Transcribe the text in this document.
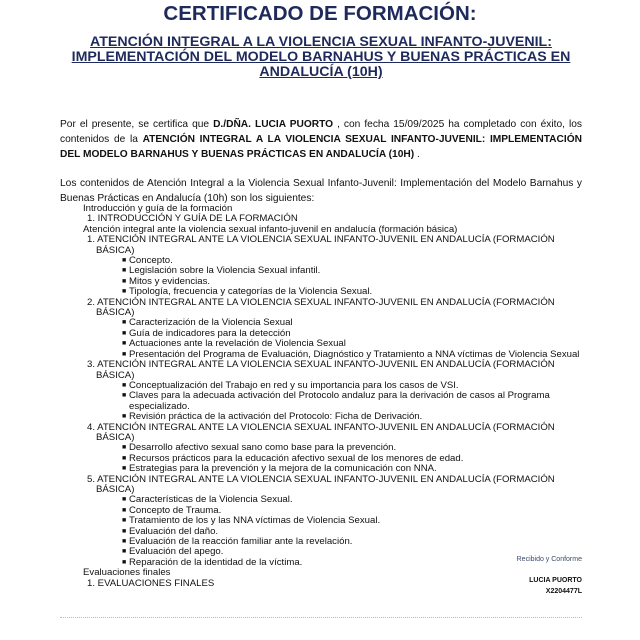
CERTIFICADO DE FORMACIÓN:
ATENCIÓN INTEGRAL A LA VIOLENCIA SEXUAL INFANTO-JUVENIL: IMPLEMENTACIÓN DEL MODELO BARNAHUS Y BUENAS PRÁCTICAS EN ANDALUCÍA (10H)
Por el presente, se certifica que D./DÑA. LUCIA PUORTO , con fecha 15/09/2025 ha completado con éxito, los contenidos de la ATENCIÓN INTEGRAL A LA VIOLENCIA SEXUAL INFANTO-JUVENIL: IMPLEMENTACIÓN DEL MODELO BARNAHUS Y BUENAS PRÁCTICAS EN ANDALUCÍA (10H) .
Los contenidos de Atención Integral a la Violencia Sexual Infanto-Juvenil: Implementación del Modelo Barnahus y Buenas Prácticas en Andalucía (10h) son los siguientes:
Introducción y guía de la formación
1. INTRODUCCIÓN Y GUÍA DE LA FORMACIÓN
Atención integral ante la violencia sexual infanto-juvenil en andalucía (formación básica)
1. ATENCIÓN INTEGRAL ANTE LA VIOLENCIA SEXUAL INFANTO-JUVENIL EN ANDALUCÍA (FORMACIÓN BÁSICA)
■ Concepto.
■ Legislación sobre la Violencia Sexual infantil.
■ Mitos y evidencias.
■ Tipología, frecuencia y categorías de la Violencia Sexual.
2. ATENCIÓN INTEGRAL ANTE LA VIOLENCIA SEXUAL INFANTO-JUVENIL EN ANDALUCÍA (FORMACIÓN BÁSICA)
■ Caracterización de la Violencia Sexual
■ Guía de indicadores para la detección
■ Actuaciones ante la revelación de Violencia Sexual
■ Presentación del Programa de Evaluación, Diagnóstico y Tratamiento a NNA víctimas de Violencia Sexual
3. ATENCIÓN INTEGRAL ANTE LA VIOLENCIA SEXUAL INFANTO-JUVENIL EN ANDALUCÍA (FORMACIÓN BÁSICA)
■ Conceptualización del Trabajo en red y su importancia para los casos de VSI.
■ Claves para la adecuada activación del Protocolo andaluz para la derivación de casos al Programa especializado.
■ Revisión práctica de la activación del Protocolo: Ficha de Derivación.
4. ATENCIÓN INTEGRAL ANTE LA VIOLENCIA SEXUAL INFANTO-JUVENIL EN ANDALUCÍA (FORMACIÓN BÁSICA)
■ Desarrollo afectivo sexual sano como base para la prevención.
■ Recursos prácticos para la educación afectivo sexual de los menores de edad.
■ Estrategias para la prevención y la mejora de la comunicación con NNA.
5. ATENCIÓN INTEGRAL ANTE LA VIOLENCIA SEXUAL INFANTO-JUVENIL EN ANDALUCÍA (FORMACIÓN BÁSICA)
■ Características de la Violencia Sexual.
■ Concepto de Trauma.
■ Tratamiento de los y las NNA víctimas de Violencia Sexual.
■ Evaluación del daño.
■ Evaluación de la reacción familiar ante la revelación.
■ Evaluación del apego.
■ Reparación de la identidad de la víctima.
Evaluaciones finales
1. EVALUACIONES FINALES
Recibido y Conforme
LUCIA PUORTO
X2204477L
